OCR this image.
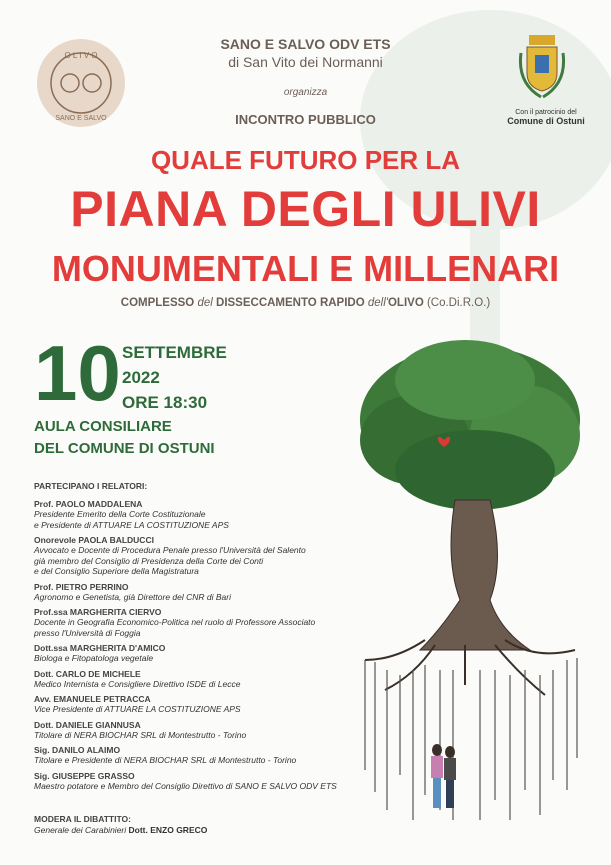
O L I V O
SANO E SALVO
SANO E SALVO ODV ETS
di San Vito dei Normanni
organizza
INCONTRO PUBBLICO	Con il patrocinio del
Comune di Ostuni
QUALE FUTURO PER LA
PIANA DEGLI ULIVI
MONUMENTALI E MILLENARI
COMPLESSO del DISSECCAMENTO RAPIDO dell'OLIVO (Co.Di.R.O.)
10 SETTEMBRE
2022
ORE 18:30
AULA CONSILIARE
DEL COMUNE DI OSTUNI
PARTECIPANO I RELATORI:
Prof. PAOLO MADDALENA
Presidente Emerito della Corte Costituzionale
e Presidente di ATTUARE LA COSTITUZIONE APS
Onorevole PAOLA BALDUCCI
Avvocato e Docente di Procedura Penale presso l'Università del Salento
già membro del Consiglio di Presidenza della Corte dei Conti
e del Consiglio Superiore della Magistratura
Prof. PIETRO PERRINO
Agronomo e Genetista, già Direttore del CNR di Bari
Prof.ssa MARGHERITA CIERVO
Docente in Geografia Economico-Politica nel ruolo di Professore Associato
presso l'Università di Foggia
Dott.ssa MARGHERITA D'AMICO
Biologa e Fitopatologa vegetale
Dott. CARLO DE MICHELE
Medico Internista e Consigliere Direttivo ISDE di Lecce
Avv. EMANUELE PETRACCA
Vice Presidente di ATTUARE LA COSTITUZIONE APS
Dott. DANIELE GIANNUSA
Titolare di NERA BIOCHAR SRL di Montestrutto - Torino
Sig. DANILO ALAIMO
Titolare e Presidente di NERA BIOCHAR SRL di Montestrutto - Torino
Sig. GIUSEPPE GRASSO
Maestro potatore e Membro del Consiglio Direttivo di SANO E SALVO ODV ETS
MODERA IL DIBATTITO:
Generale dei Carabinieri Dott. ENZO GRECO
